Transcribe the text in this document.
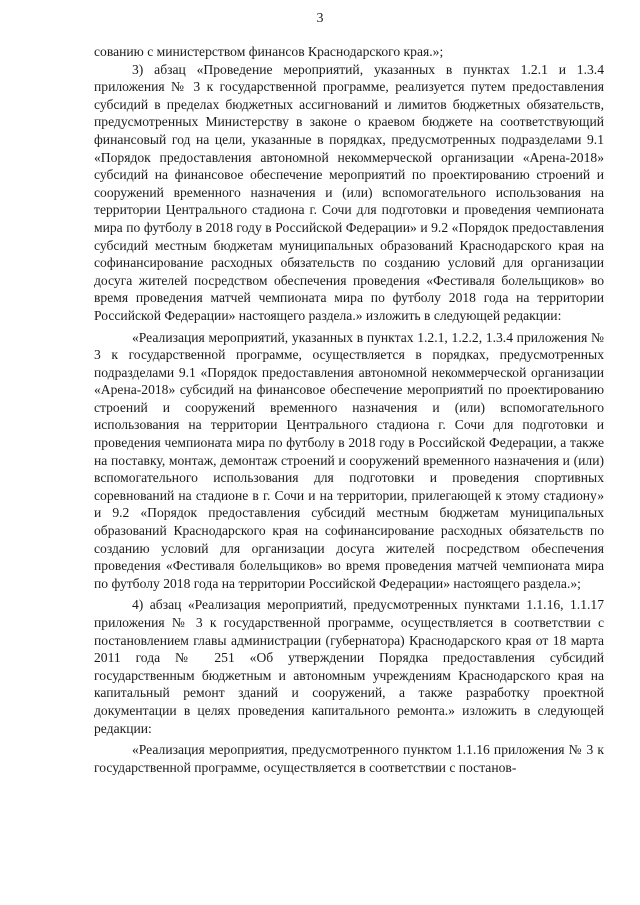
3

сованию с министерством финансов Краснодарского края.»;

3) абзац «Проведение мероприятий, указанных в пунктах 1.2.1 и 1.3.4 приложения № 3 к государственной программе, реализуется путем предоставления субсидий в пределах бюджетных ассигнований и лимитов бюджетных обязательств, предусмотренных Министерству в законе о краевом бюджете на соответствующий финансовый год на цели, указанные в порядках, предусмотренных подразделами 9.1 «Порядок предоставления автономной некоммерческой организации «Арена-2018» субсидий на финансовое обеспечение мероприятий по проектированию строений и сооружений временного назначения и (или) вспомогательного использования на территории Центрального стадиона г. Сочи для подготовки и проведения чемпионата мира по футболу в 2018 году в Российской Федерации» и 9.2 «Порядок предоставления субсидий местным бюджетам муниципальных образований Краснодарского края на софинансирование расходных обязательств по созданию условий для организации досуга жителей посредством обеспечения проведения «Фестиваля болельщиков» во время проведения матчей чемпионата мира по футболу 2018 года на территории Российской Федерации» настоящего раздела.» изложить в следующей редакции:

«Реализация мероприятий, указанных в пунктах 1.2.1, 1.2.2, 1.3.4 приложения № 3 к государственной программе, осуществляется в порядках, предусмотренных подразделами 9.1 «Порядок предоставления автономной некоммерческой организации «Арена-2018» субсидий на финансовое обеспечение мероприятий по проектированию строений и сооружений временного назначения и (или) вспомогательного использования на территории Центрального стадиона г. Сочи для подготовки и проведения чемпионата мира по футболу в 2018 году в Российской Федерации, а также на поставку, монтаж, демонтаж строений и сооружений временного назначения и (или) вспомогательного использования для подготовки и проведения спортивных соревнований на стадионе в г. Сочи и на территории, прилегающей к этому стадиону» и 9.2 «Порядок предоставления субсидий местным бюджетам муниципальных образований Краснодарского края на софинансирование расходных обязательств по созданию условий для организации досуга жителей посредством обеспечения проведения «Фестиваля болельщиков» во время проведения матчей чемпионата мира по футболу 2018 года на территории Российской Федерации» настоящего раздела.»;

4) абзац «Реализация мероприятий, предусмотренных пунктами 1.1.16, 1.1.17 приложения № 3 к государственной программе, осуществляется в соответствии с постановлением главы администрации (губернатора) Краснодарского края от 18 марта 2011 года № 251 «Об утверждении Порядка предоставления субсидий государственным бюджетным и автономным учреждениям Краснодарского края на капитальный ремонт зданий и сооружений, а также разработку проектной документации в целях проведения капитального ремонта.» изложить в следующей редакции:

«Реализация мероприятия, предусмотренного пунктом 1.1.16 приложения № 3 к государственной программе, осуществляется в соответствии с постанов-
